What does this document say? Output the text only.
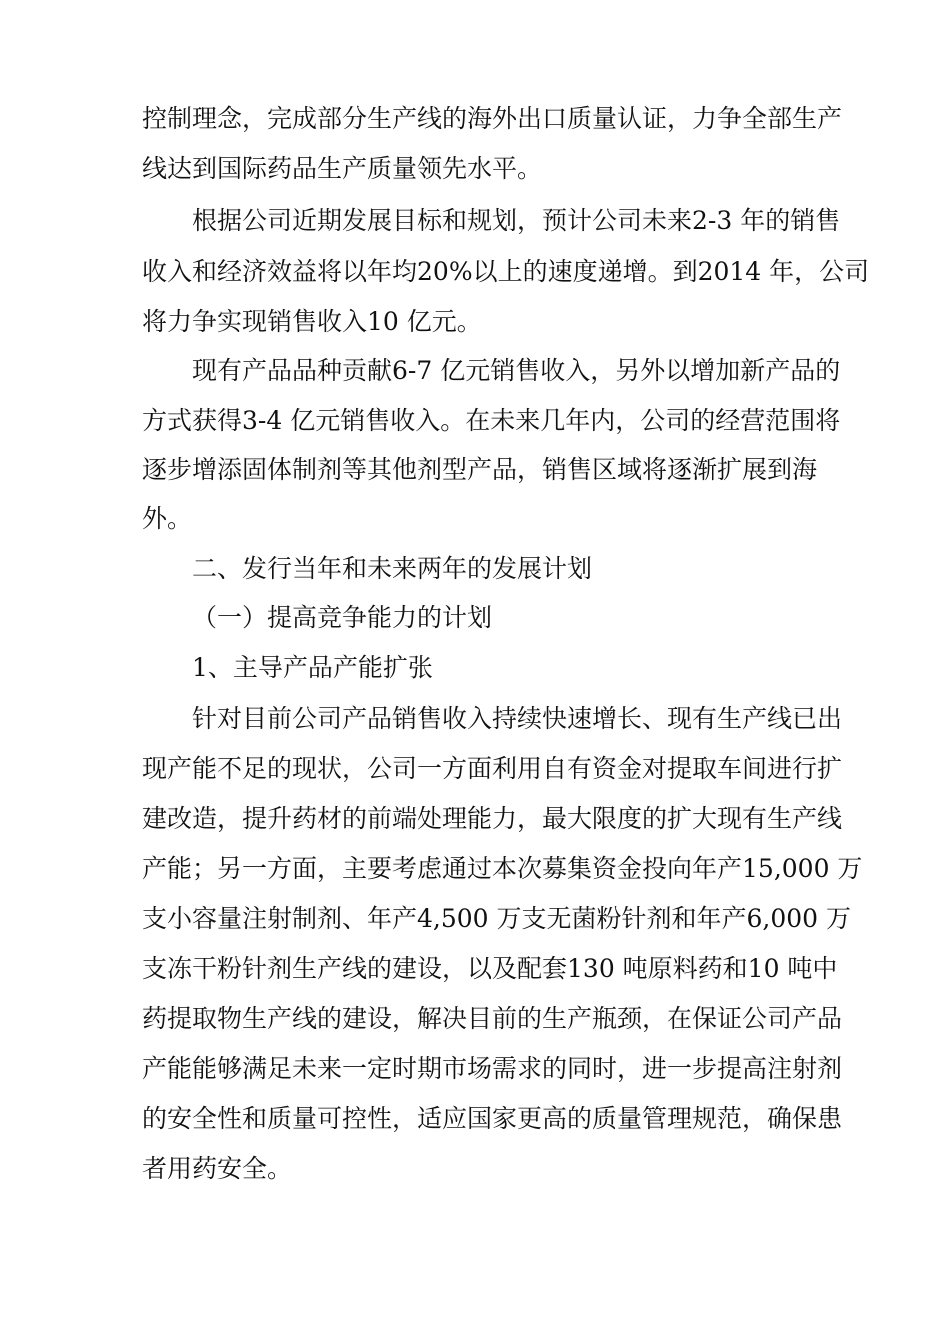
控制理念，完成部分生产线的海外出口质量认证，力争全部生产
线达到国际药品生产质量领先水平。
根据公司近期发展目标和规划，预计公司未来2-3 年的销售
收入和经济效益将以年均20%以上的速度递增。到2014 年，公司
将力争实现销售收入10 亿元。
现有产品品种贡献6-7 亿元销售收入，另外以增加新产品的
方式获得3-4 亿元销售收入。在未来几年内，公司的经营范围将
逐步增添固体制剂等其他剂型产品，销售区域将逐渐扩展到海
外。
二、发行当年和未来两年的发展计划
（一）提高竞争能力的计划
1、主导产品产能扩张
针对目前公司产品销售收入持续快速增长、现有生产线已出
现产能不足的现状，公司一方面利用自有资金对提取车间进行扩
建改造，提升药材的前端处理能力，最大限度的扩大现有生产线
产能；另一方面，主要考虑通过本次募集资金投向年产15,000 万
支小容量注射制剂、年产4,500 万支无菌粉针剂和年产6,000 万
支冻干粉针剂生产线的建设，以及配套130 吨原料药和10 吨中
药提取物生产线的建设，解决目前的生产瓶颈，在保证公司产品
产能能够满足未来一定时期市场需求的同时，进一步提高注射剂
的安全性和质量可控性，适应国家更高的质量管理规范，确保患
者用药安全。
